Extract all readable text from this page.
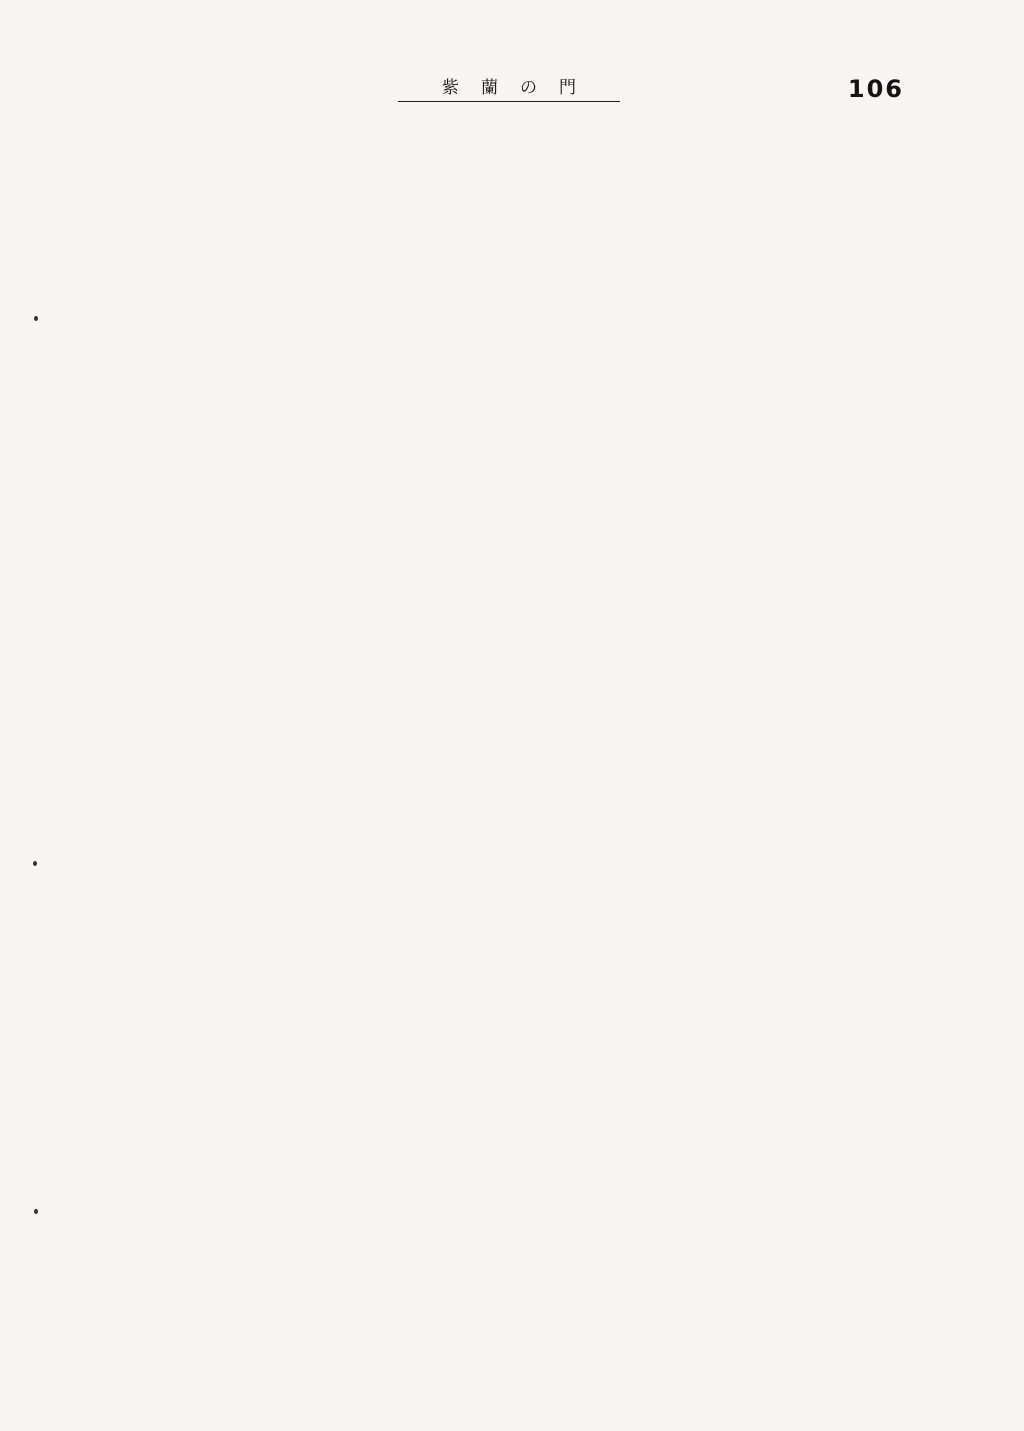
紫蘭の門	106
